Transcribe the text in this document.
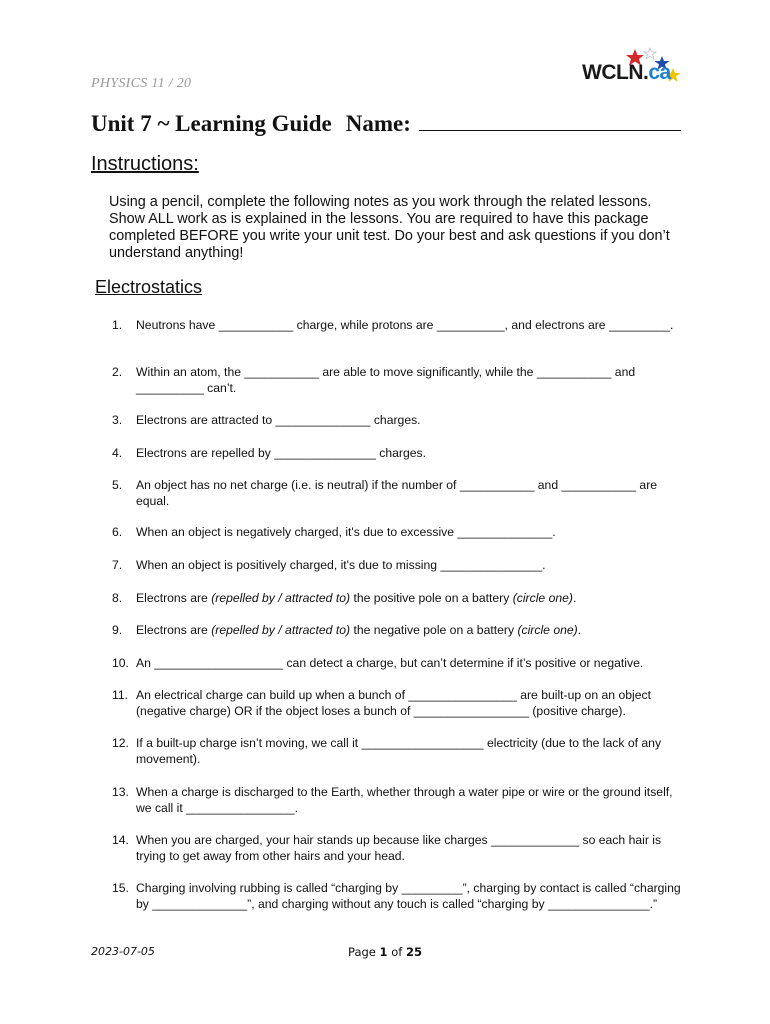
PHYSICS 11 / 20	WCLN.ca
Unit 7 ~ Learning Guide Name:
Instructions:
Using a pencil, complete the following notes as you work through the related lessons. Show ALL work as is explained in the lessons. You are required to have this package completed BEFORE you write your unit test. Do your best and ask questions if you don’t understand anything!
Electrostatics
1.	Neutrons have ___________ charge, while protons are __________, and electrons are _________.
2.	Within an atom, the ___________ are able to move significantly, while the ___________ and __________ can’t.
3.	Electrons are attracted to ______________ charges.
4.	Electrons are repelled by _______________ charges.
5.	An object has no net charge (i.e. is neutral) if the number of ___________ and ___________ are equal.
6.	When an object is negatively charged, it's due to excessive ______________.
7.	When an object is positively charged, it's due to missing _______________.
8.	Electrons are (repelled by / attracted to) the positive pole on a battery (circle one).
9.	Electrons are (repelled by / attracted to) the negative pole on a battery (circle one).
10. An ___________________ can detect a charge, but can’t determine if it’s positive or negative.
11. An electrical charge can build up when a bunch of ________________ are built-up on an object (negative charge) OR if the object loses a bunch of _________________ (positive charge).
12. If a built-up charge isn’t moving, we call it __________________ electricity (due to the lack of any movement).
13. When a charge is discharged to the Earth, whether through a water pipe or wire or the ground itself, we call it ________________.
14. When you are charged, your hair stands up because like charges _____________ so each hair is trying to get away from other hairs and your head.
15. Charging involving rubbing is called “charging by _________”, charging by contact is called “charging by ______________”, and charging without any touch is called “charging by _______________.”
2023-07-05	Page 1 of 25
